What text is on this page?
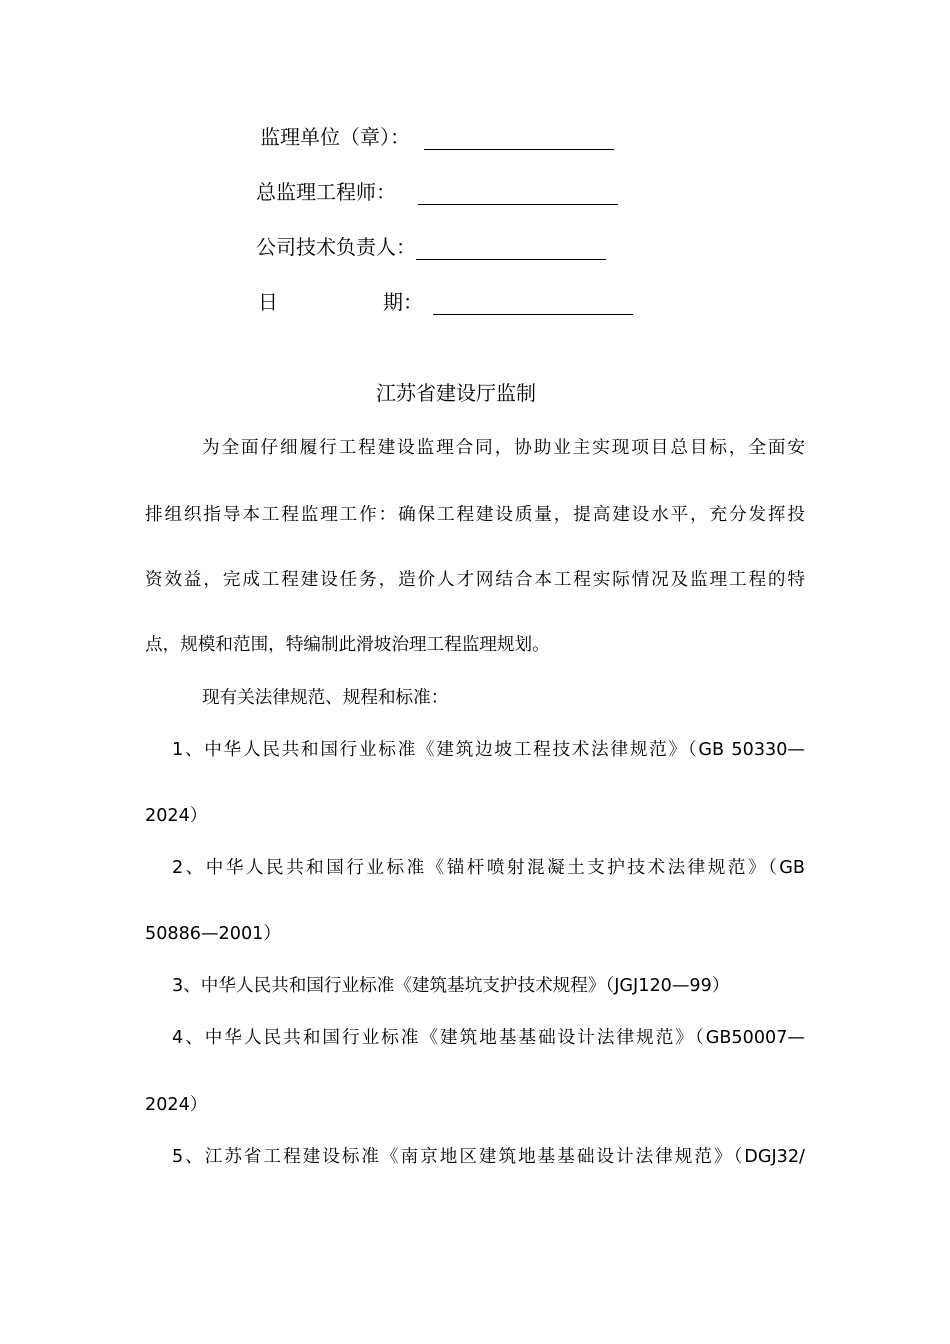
监理单位（章）：
总监理工程师：
公司技术负责人：
日	期：
江苏省建设厅监制
为全面仔细履行工程建设监理合同，协助业主实现项目总目标，全面安
排组织指导本工程监理工作：确保工程建设质量，提高建设水平，充分发挥投
资效益，完成工程建设任务，造价人才网结合本工程实际情况及监理工程的特
点，规模和范围，特编制此滑坡治理工程监理规划。
现有关法律规范、规程和标准：
1、中华人民共和国行业标准《建筑边坡工程技术法律规范》（GB 50330—
2024）
2、中华人民共和国行业标准《锚杆喷射混凝土支护技术法律规范》（GB
50886—2001）
3、中华人民共和国行业标准《建筑基坑支护技术规程》（JGJ120—99）
4、中华人民共和国行业标准《建筑地基基础设计法律规范》（GB50007—
2024）
5、江苏省工程建设标准《南京地区建筑地基基础设计法律规范》（DGJ32/
